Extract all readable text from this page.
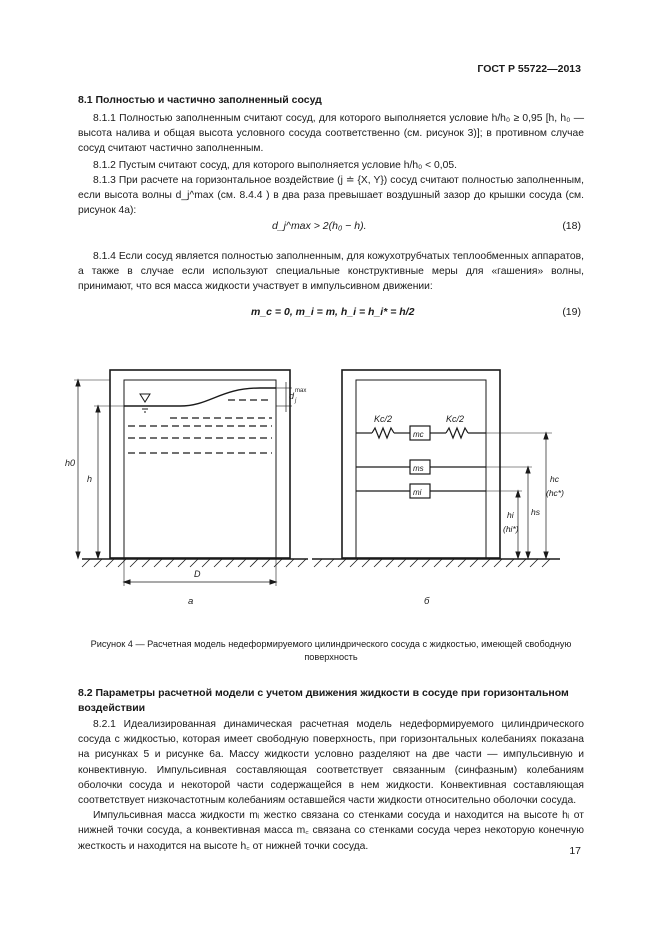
ГОСТ Р 55722—2013
8.1 Полностью и частично заполненный сосуд

8.1.1 Полностью заполненным считают сосуд, для которого выполняется условие h/h₀ ≥ 0,95 [h, h₀ — высота налива и общая высота условного сосуда соответственно (см. рисунок 3)]; в противном случае сосуд считают частично заполненным.

8.1.2 Пустым считают сосуд, для которого выполняется условие h/h₀ < 0,05.

8.1.3 При расчете на горизонтальное воздействие (j ≐ {X, Y}) сосуд считают полностью заполненным, если высота волны d_j^max (см. 8.4.4 ) в два раза превышает воздушный зазор до крышки сосуда (см. рисунок 4а):

d_j^max > 2(h₀ − h).	(18)

8.1.4 Если сосуд является полностью заполненным, для кожухотрубчатых теплообменных аппаратов, а также в случае если используют специальные конструктивные меры для «гашения» волны, принимают, что вся масса жидкости участвует в импульсивном движении:

m_c = 0, m_i = m, h_i = h_i* = h/2	(19)
h0
h
D
d j
max
Kc/2	Kc/2
mc
ms
mi
hc
(hc*)
hs
hi
(hi*)
а	б
Рисунок 4 — Расчетная модель недеформируемого цилиндрического сосуда с жидкостью, имеющей свободную поверхность
8.2 Параметры расчетной модели с учетом движения жидкости в сосуде при горизонтальном воздействии

8.2.1 Идеализированная динамическая расчетная модель недеформируемого цилиндрического сосуда с жидкостью, которая имеет свободную поверхность, при горизонтальных колебаниях показана на рисунках 5 и рисунке 6а. Массу жидкости условно разделяют на две части — импульсивную и конвективную. Импульсивная составляющая соответствует связанным (синфазным) колебаниям оболочки сосуда и некоторой части содержащейся в нем жидкости. Конвективная составляющая соответствует низкочастотным колебаниям оставшейся части жидкости относительно оболочки сосуда.

Импульсивная масса жидкости mᵢ жестко связана со стенками сосуда и находится на высоте hᵢ от нижней точки сосуда, а конвективная масса m꜀ связана со стенками сосуда через некоторую конечную жесткость и находится на высоте h꜀ от нижней точки сосуда.	17
